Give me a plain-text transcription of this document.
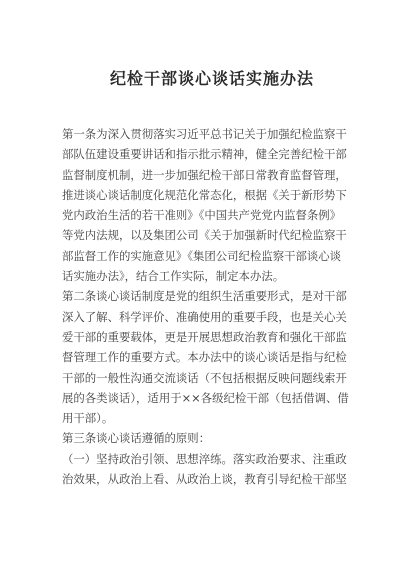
纪检干部谈心谈话实施办法

第一条为深入贯彻落实习近平总书记关于加强纪检监察干
部队伍建设重要讲话和指示批示精神，健全完善纪检干部
监督制度机制，进一步加强纪检干部日常教育监督管理，
推进谈心谈话制度化规范化常态化，根据《关于新形势下
党内政治生活的若干准则》《中国共产党党内监督条例》
等党内法规，以及集团公司《关于加强新时代纪检监察干
部监督工作的实施意见》《集团公司纪检监察干部谈心谈
话实施办法》，结合工作实际，制定本办法。

第二条谈心谈话制度是党的组织生活重要形式，是对干部
深入了解、科学评价、准确使用的重要手段，也是关心关
爱干部的重要载体，更是开展思想政治教育和强化干部监
督管理工作的重要方式。本办法中的谈心谈话是指与纪检
干部的一般性沟通交流谈话（不包括根据反映问题线索开
展的各类谈话），适用于××各级纪检干部（包括借调、借
用干部）。

第三条谈心谈话遵循的原则：

（一）坚持政治引领、思想淬练。落实政治要求、注重政
治效果，从政治上看、从政治上谈，教育引导纪检干部坚
